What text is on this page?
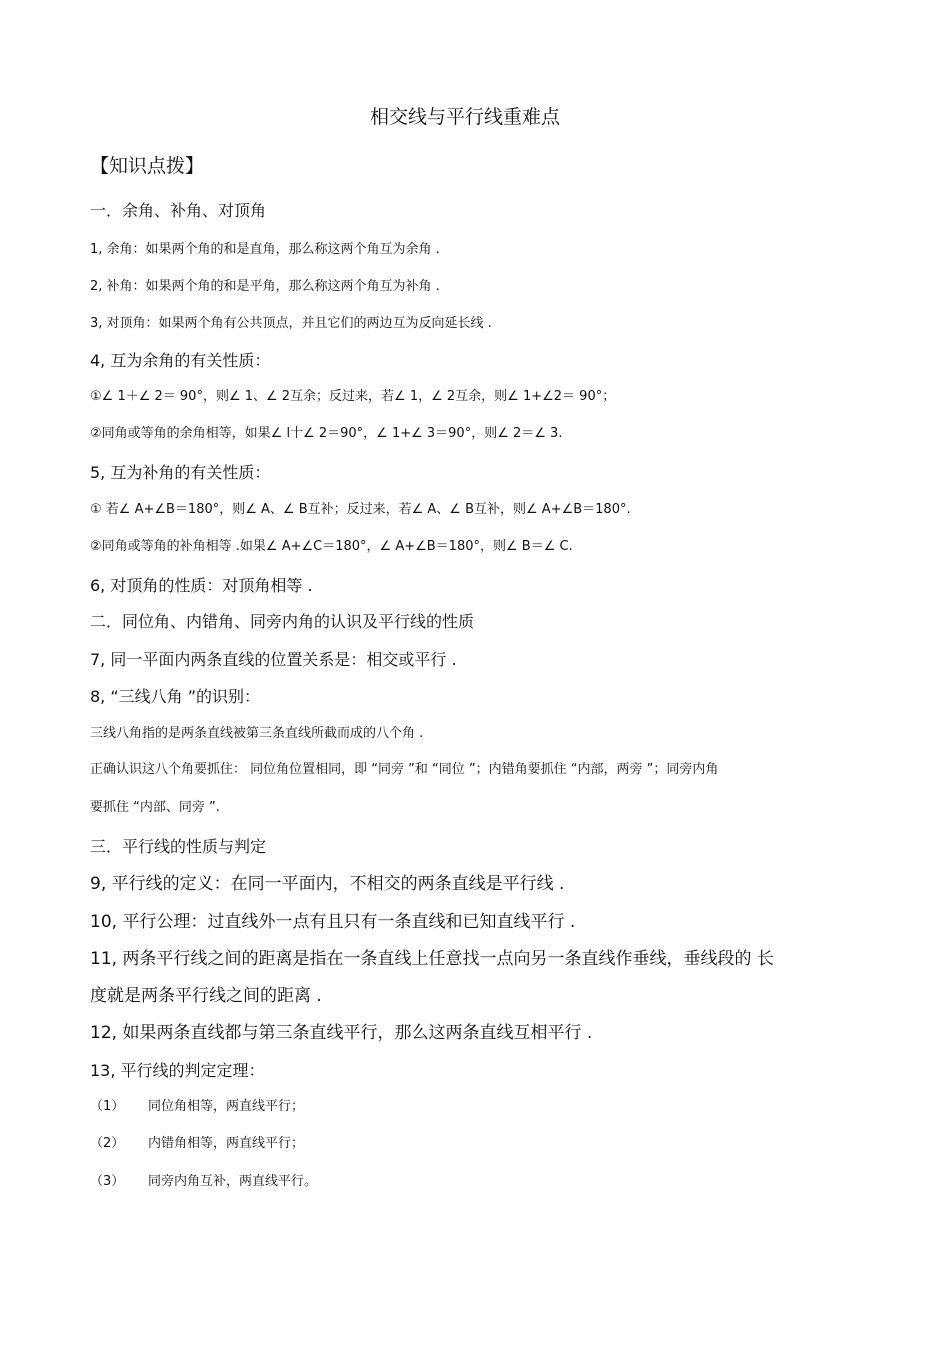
相交线与平行线重难点
【知识点拨】
一．余角、补角、对顶角
1, 余角：如果两个角的和是直角，那么称这两个角互为余角 .
2, 补角：如果两个角的和是平角，那么称这两个角互为补角 .
3, 对顶角：如果两个角有公共顶点，并且它们的两边互为反向延长线 .
4, 互为余角的有关性质：
①∠ 1＋∠ 2＝ 90°，则∠ 1、∠ 2互余；反过来，若∠ 1，∠ 2互余，则∠ 1+∠2＝ 90°；
②同角或等角的余角相等，如果∠ l十∠ 2＝90°，∠ 1+∠ 3＝90°，则∠ 2＝∠ 3.
5, 互为补角的有关性质：
① 若∠ A+∠B＝180°，则∠ A、∠ B互补；反过来，若∠ A、∠ B互补，则∠ A+∠B＝180°.
②同角或等角的补角相等 .如果∠ A+∠C＝180°，∠ A+∠B＝180°，则∠ B＝∠ C.
6, 对顶角的性质：对顶角相等 .
二．同位角、内错角、同旁内角的认识及平行线的性质
7, 同一平面内两条直线的位置关系是：相交或平行 .
8, “三线八角 ”的识别：
三线八角指的是两条直线被第三条直线所截而成的八个角 .
正确认识这八个角要抓住： 同位角位置相同，即 “同旁 ”和 “同位 ”；内错角要抓住 “内部，两旁 ”；同旁内角
要抓住 “内部、同旁 ”.
三．平行线的性质与判定
9, 平行线的定义：在同一平面内，不相交的两条直线是平行线 .
10, 平行公理：过直线外一点有且只有一条直线和已知直线平行 .
11, 两条平行线之间的距离是指在一条直线上任意找一点向另一条直线作垂线，垂线段的 长
度就是两条平行线之间的距离 .
12, 如果两条直线都与第三条直线平行，那么这两条直线互相平行 .
13, 平行线的判定定理：
（1） 同位角相等，两直线平行；
（2） 内错角相等，两直线平行；
（3） 同旁内角互补，两直线平行。
